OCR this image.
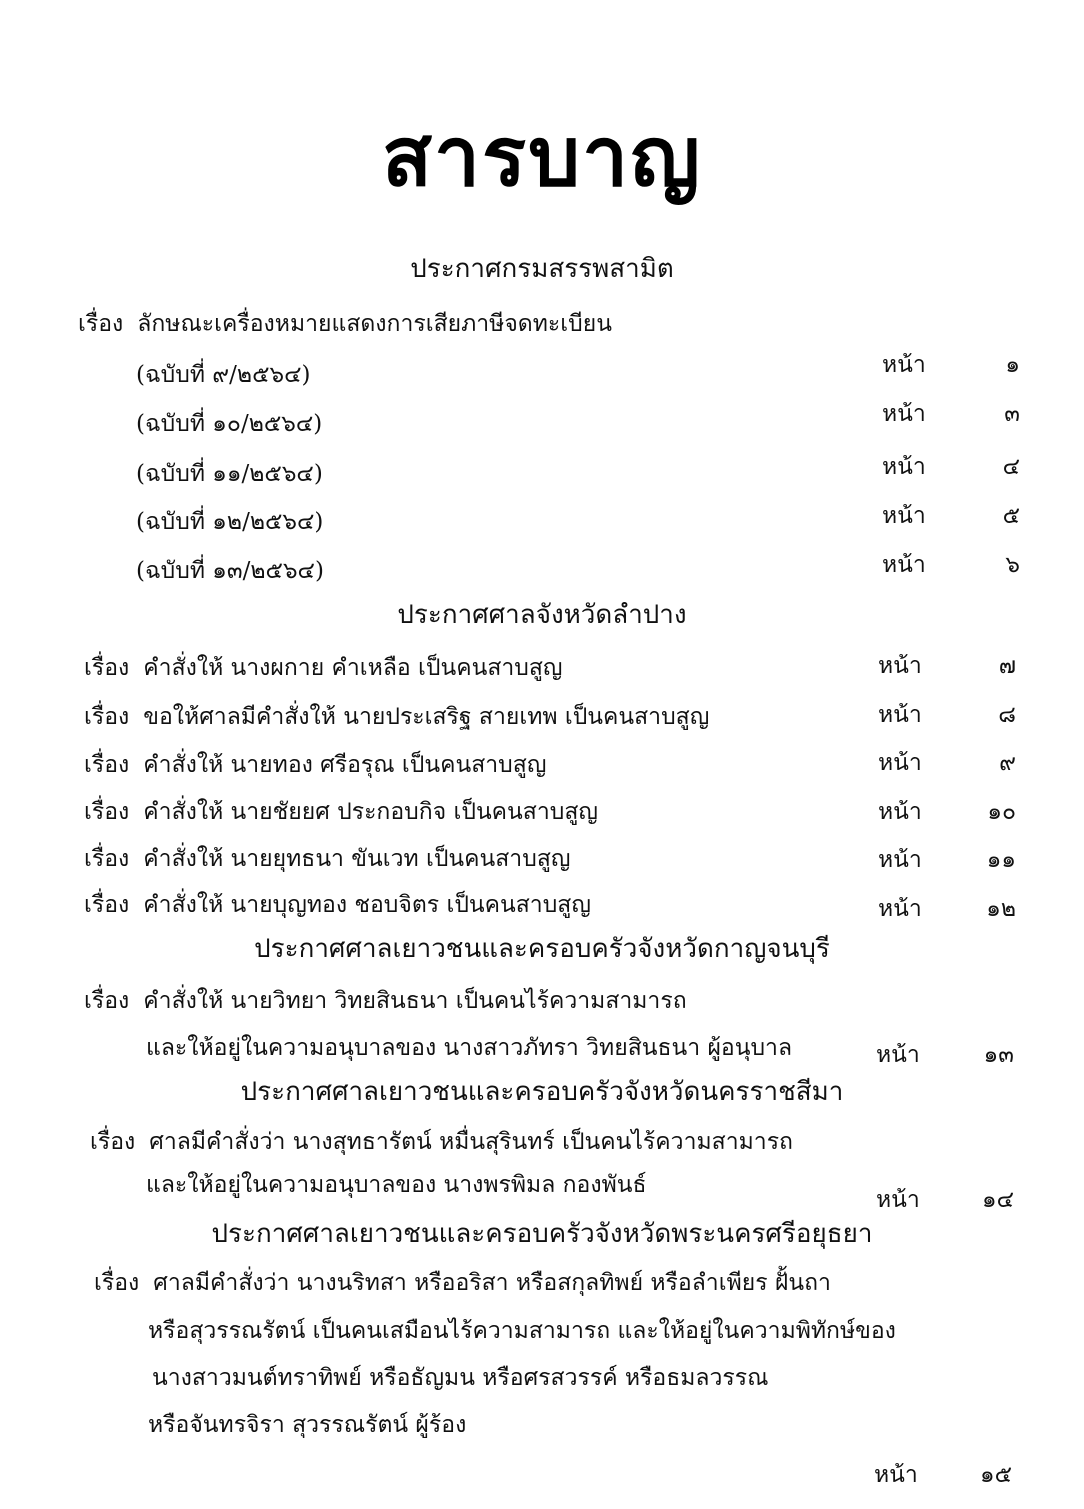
สารบาญ
ประกาศกรมสรรพสามิต
เรื่อง ลักษณะเครื่องหมายแสดงการเสียภาษีจดทะเบียน
(ฉบับที่ ๙/๒๕๖๔)	หน้า	๑
(ฉบับที่ ๑๐/๒๕๖๔)	หน้า	๓
(ฉบับที่ ๑๑/๒๕๖๔)	หน้า	๔
(ฉบับที่ ๑๒/๒๕๖๔)	หน้า	๕
(ฉบับที่ ๑๓/๒๕๖๔)	หน้า	๖
ประกาศศาลจังหวัดลำปาง
เรื่อง คำสั่งให้ นางผกาย คำเหลือ เป็นคนสาบสูญ	หน้า	๗
เรื่อง ขอให้ศาลมีคำสั่งให้ นายประเสริฐ สายเทพ เป็นคนสาบสูญ	หน้า	๘
เรื่อง คำสั่งให้ นายทอง ศรีอรุณ เป็นคนสาบสูญ	หน้า	๙
เรื่อง คำสั่งให้ นายชัยยศ ประกอบกิจ เป็นคนสาบสูญ	หน้า	๑๐
เรื่อง คำสั่งให้ นายยุทธนา ขันเวท เป็นคนสาบสูญ	หน้า	๑๑
เรื่อง คำสั่งให้ นายบุญทอง ชอบจิตร เป็นคนสาบสูญ	หน้า	๑๒
ประกาศศาลเยาวชนและครอบครัวจังหวัดกาญจนบุรี
เรื่อง คำสั่งให้ นายวิทยา วิทยสินธนา เป็นคนไร้ความสามารถ
และให้อยู่ในความอนุบาลของ นางสาวภัทรา วิทยสินธนา ผู้อนุบาล	หน้า	๑๓
ประกาศศาลเยาวชนและครอบครัวจังหวัดนครราชสีมา
เรื่อง ศาลมีคำสั่งว่า นางสุทธารัตน์ หมื่นสุรินทร์ เป็นคนไร้ความสามารถ
และให้อยู่ในความอนุบาลของ นางพรพิมล กองพันธ์
หน้า	๑๔
ประกาศศาลเยาวชนและครอบครัวจังหวัดพระนครศรีอยุธยา
เรื่อง ศาลมีคำสั่งว่า นางนริทสา หรืออริสา หรือสกุลทิพย์ หรือลำเพียร ฝั้นถา
หรือสุวรรณรัตน์ เป็นคนเสมือนไร้ความสามารถ และให้อยู่ในความพิทักษ์ของ
นางสาวมนต์ทราทิพย์ หรือธัญมน หรือศรสวรรค์ หรือธมลวรรณ
หรือจันทรจิรา สุวรรณรัตน์ ผู้ร้อง
หน้า	๑๕
